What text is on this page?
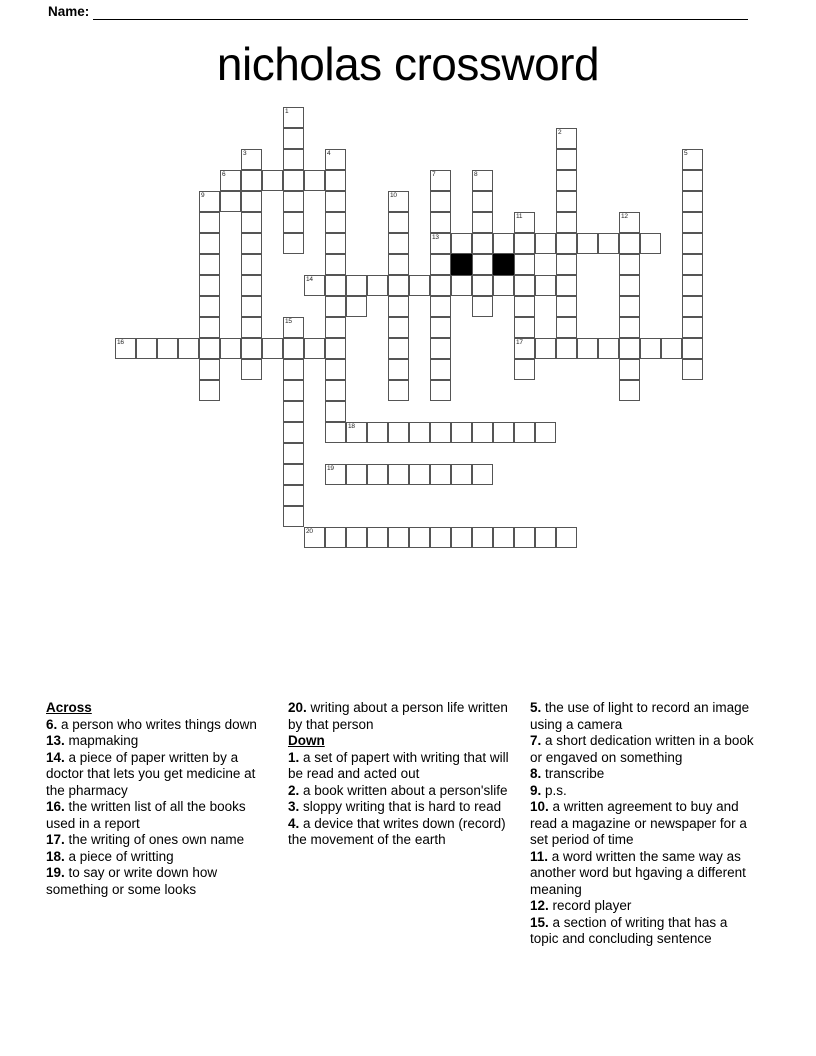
Name:
nicholas crossword
1
2
3	4	5
6	7	8
9	10
11	12
13
14
15
16	17
18
19
20
Across
6. a person who writes things down
13. mapmaking
14. a piece of paper written by a doctor that lets you get medicine at the pharmacy
16. the written list of all the books used in a report
17. the writing of ones own name
18. a piece of writting
19. to say or write down how something or some looks
20. writing about a person life written by that person
Down
1. a set of papert with writing that will be read and acted out
2. a book written about a person'slife
3. sloppy writing that is hard to read
4. a device that writes down (record) the movement of the earth
5. the use of light to record an image using a camera
7. a short dedication written in a book or engaved on something
8. transcribe
9. p.s.
10. a written agreement to buy and read a magazine or newspaper for a set period of time
11. a word written the same way as another word but hgaving a different meaning
12. record player
15. a section of writing that has a topic and concluding sentence
